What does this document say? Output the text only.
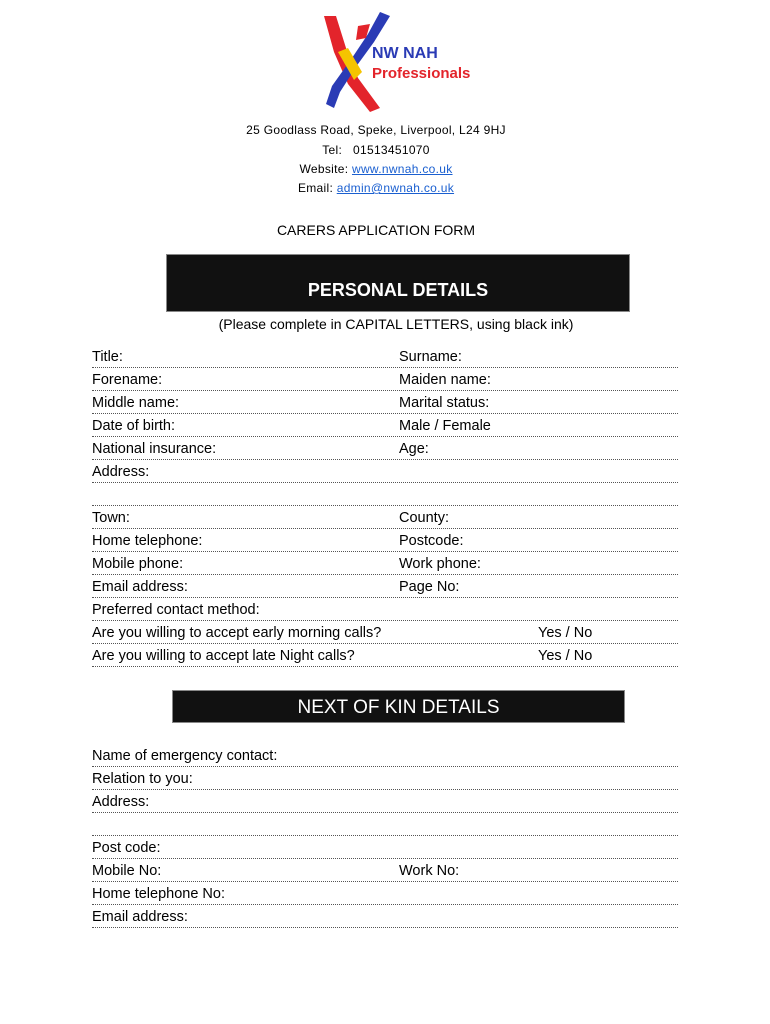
NW NAH
Professionals
25 Goodlass Road, Speke, Liverpool, L24 9HJ
Tel: 01513451070
Website: www.nwnah.co.uk
Email: admin@nwnah.co.uk
CARERS APPLICATION FORM
PERSONAL DETAILS
(Please complete in CAPITAL LETTERS, using black ink)
Title:	Surname:
Forename:	Maiden name:
Middle name:	Marital status:
Date of birth:	Male / Female
National insurance:	Age:
Address:
Town:	County:
Home telephone:	Postcode:
Mobile phone:	Work phone:
Email address:	Page No:
Preferred contact method:
Are you willing to accept early morning calls?	Yes / No
Are you willing to accept late Night calls?	Yes / No
NEXT OF KIN DETAILS
Name of emergency contact:
Relation to you:
Address:
Post code:
Mobile No:	Work No:
Home telephone No:
Email address:
